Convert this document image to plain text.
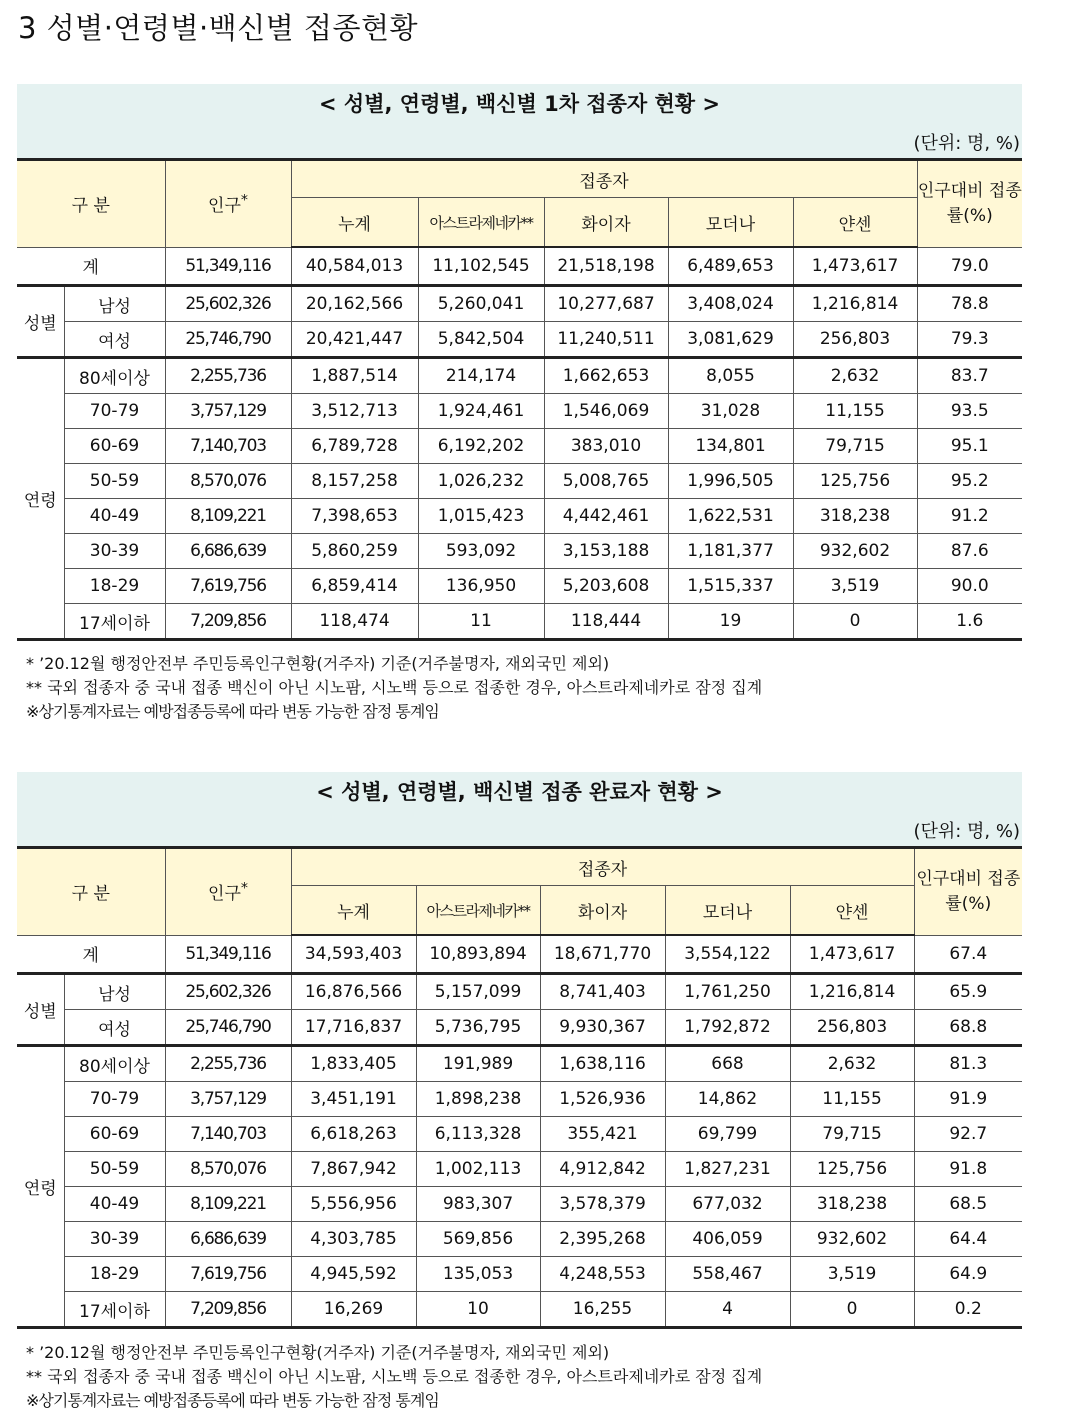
3 성별·연령별·백신별 접종현황
< 성별, 연령별, 백신별 1차 접종자 현황 >
(단위: 명, %)
구 분		인구*	접종자					인구대비 접종률(%)
			누계	아스트라제네카**	화이자	모더나	얀센	
계		51,349,116	40,584,013	11,102,545	21,518,198	6,489,653	1,473,617	79.0
성별	남성	25,602,326	20,162,566	5,260,041	10,277,687	3,408,024	1,216,814	78.8
	여성	25,746,790	20,421,447	5,842,504	11,240,511	3,081,629	256,803	79.3
연령	80세이상	2,255,736	1,887,514	214,174	1,662,653	8,055	2,632	83.7
	70-79	3,757,129	3,512,713	1,924,461	1,546,069	31,028	11,155	93.5
	60-69	7,140,703	6,789,728	6,192,202	383,010	134,801	79,715	95.1
	50-59	8,570,076	8,157,258	1,026,232	5,008,765	1,996,505	125,756	95.2
	40-49	8,109,221	7,398,653	1,015,423	4,442,461	1,622,531	318,238	91.2
	30-39	6,686,639	5,860,259	593,092	3,153,188	1,181,377	932,602	87.6
	18-29	7,619,756	6,859,414	136,950	5,203,608	1,515,337	3,519	90.0
	17세이하	7,209,856	118,474	11	118,444	19	0	1.6
* ’20.12월 행정안전부 주민등록인구현황(거주자) 기준(거주불명자, 재외국민 제외)
** 국외 접종자 중 국내 접종 백신이 아닌 시노팜, 시노백 등으로 접종한 경우, 아스트라제네카로 잠정 집계
※상기통계자료는 예방접종등록에 따라 변동 가능한 잠정 통계임
< 성별, 연령별, 백신별 접종 완료자 현황 >
(단위: 명, %)
구 분		인구*	접종자					인구대비 접종률(%)
			누계	아스트라제네카**	화이자	모더나	얀센	
계		51,349,116	34,593,403	10,893,894	18,671,770	3,554,122	1,473,617	67.4
성별	남성	25,602,326	16,876,566	5,157,099	8,741,403	1,761,250	1,216,814	65.9
	여성	25,746,790	17,716,837	5,736,795	9,930,367	1,792,872	256,803	68.8
연령	80세이상	2,255,736	1,833,405	191,989	1,638,116	668	2,632	81.3
	70-79	3,757,129	3,451,191	1,898,238	1,526,936	14,862	11,155	91.9
	60-69	7,140,703	6,618,263	6,113,328	355,421	69,799	79,715	92.7
	50-59	8,570,076	7,867,942	1,002,113	4,912,842	1,827,231	125,756	91.8
	40-49	8,109,221	5,556,956	983,307	3,578,379	677,032	318,238	68.5
	30-39	6,686,639	4,303,785	569,856	2,395,268	406,059	932,602	64.4
	18-29	7,619,756	4,945,592	135,053	4,248,553	558,467	3,519	64.9
	17세이하	7,209,856	16,269	10	16,255	4	0	0.2
* ’20.12월 행정안전부 주민등록인구현황(거주자) 기준(거주불명자, 재외국민 제외)
** 국외 접종자 중 국내 접종 백신이 아닌 시노팜, 시노백 등으로 접종한 경우, 아스트라제네카로 잠정 집계
※상기통계자료는 예방접종등록에 따라 변동 가능한 잠정 통계임
